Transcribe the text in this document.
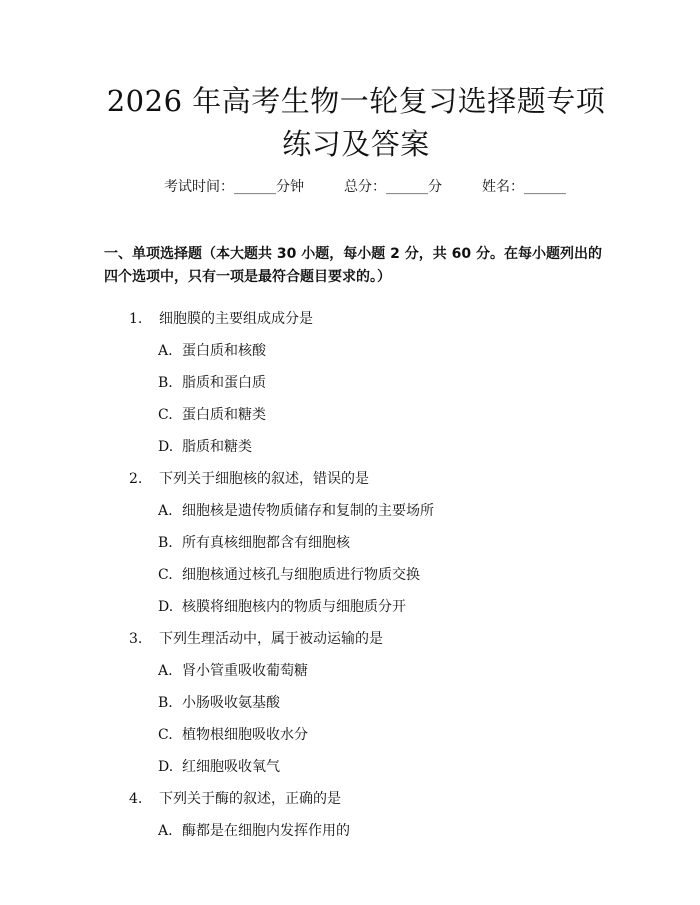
2026 年高考生物一轮复习选择题专项练习及答案
考试时间：______分钟	总分：______分	姓名：______
一、单项选择题（本大题共 30 小题，每小题 2 分，共 60 分。在每小题列出的四个选项中，只有一项是最符合题目要求的。）
1.	细胞膜的主要组成成分是
A. 蛋白质和核酸
B. 脂质和蛋白质
C. 蛋白质和糖类
D. 脂质和糖类
2.	下列关于细胞核的叙述，错误的是
A. 细胞核是遗传物质储存和复制的主要场所
B. 所有真核细胞都含有细胞核
C. 细胞核通过核孔与细胞质进行物质交换
D. 核膜将细胞核内的物质与细胞质分开
3.	下列生理活动中，属于被动运输的是
A. 肾小管重吸收葡萄糖
B. 小肠吸收氨基酸
C. 植物根细胞吸收水分
D. 红细胞吸收氧气
4.	下列关于酶的叙述，正确的是
A. 酶都是在细胞内发挥作用的
